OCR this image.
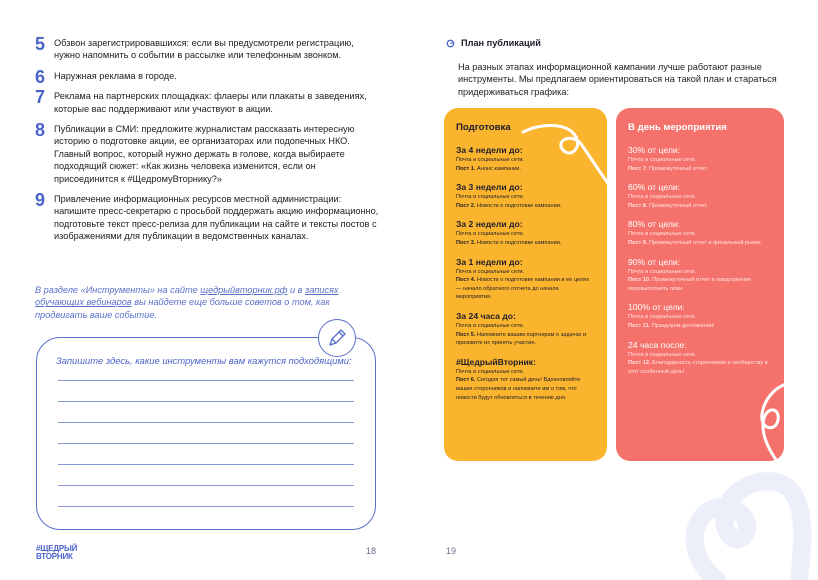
5 Обзвон зарегистрировавшихся: если вы предусмотрели регистрацию, нужно напомнить о событии в рассылке или телефонным звонком.
6 Наружная реклама в городе.
7 Реклама на партнерских площадках: флаеры или плакаты в заведениях, которые вас поддерживают или участвуют в акции.
8 Публикации в СМИ: предложите журналистам рассказать интересную историю о подготовке акции, ее организаторах или подопечных НКО. Главный вопрос, который нужно держать в голове, когда выбираете подходящий сюжет: «Как жизнь человека изменится, если он присоединится к #ЩедромуВторнику?»
9 Привлечение информационных ресурсов местной администрации: напишите пресс-секретарю с просьбой поддержать акцию информационно, подготовьте текст пресс-релиза для публикации на сайте и тексты постов с изображениями для публикации в ведомственных каналах.
В разделе «Инструменты» на сайте щедрыйвторник.рф и в записях обучающих вебинаров вы найдете еще больше советов о том, как продвигать ваше событие.
Запишите здесь, какие инструменты вам кажутся подходящими:
#ЩЕДРЫЙ
ВТОРНИК
18
План публикаций
На разных этапах информационной кампании лучше работают разные инструменты. Мы предлагаем ориентироваться на такой план и стараться придерживаться графика:
Подготовка
За 4 недели до:
Почта и социальные сети.
Пост 1. Анонс кампании.
За 3 недели до:
Почта и социальные сети.
Пост 2. Новости о подготовке кампании.
За 2 недели до:
Почта и социальные сети.
Пост 3. Новости о подготовке кампании.
За 1 недели до:
Почта и социальные сети.
Пост 4. Новости о подготовке кампании и ее целях — начало обратного отсчета до начала мероприятия.
За 24 часа до:
Почта и социальные сети.
Пост 5. Напомните вашим партнерам о задачах и призовите их принять участие.
#ЩедрыйВторник:
Почта и социальные сети.
Пост 6. Сегодня тот самый день! Вдохновляйте ваших сторонников и напомните им о том, что новости будут обновляться в течение дня.
В день мероприятия
30% от цели:
Почта и социальные сети.
Пост 7. Промежуточный отчет.
60% от цели:
Почта и социальные сети.
Пост 8. Промежуточный отчет.
80% от цели:
Почта и социальные сети.
Пост 9. Промежуточный отчет и финальный рывок.
90% от цели:
Почта и социальные сети.
Пост 10. Промежуточный отчет и предложение перевыполнить план.
100% от цели:
Почта и социальные сети.
Пост 11. Празднуем достижения!
24 часа после:
Почта и социальные сети.
Пост 12. Благодарность сторонникам и сообществу в этот особенный день!
19
